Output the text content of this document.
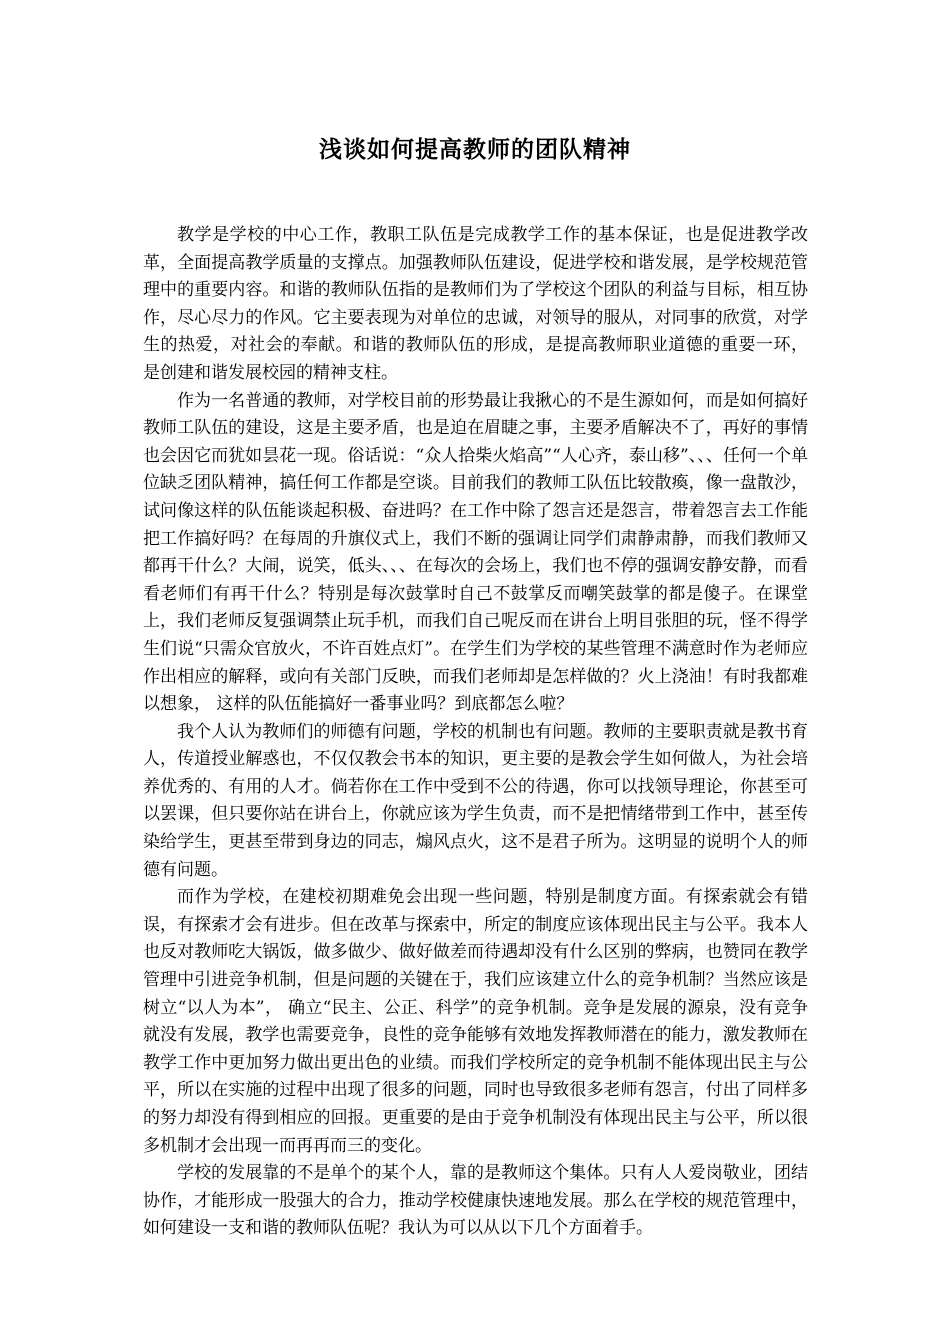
浅谈如何提高教师的团队精神

教学是学校的中心工作，教职工队伍是完成教学工作的基本保证，也是促进教学改革，全面提高教学质量的支撑点。加强教师队伍建设，促进学校和谐发展，是学校规范管理中的重要内容。和谐的教师队伍指的是教师们为了学校这个团队的利益与目标，相互协作，尽心尽力的作风。它主要表现为对单位的忠诚，对领导的服从，对同事的欣赏，对学生的热爱，对社会的奉献。和谐的教师队伍的形成，是提高教师职业道德的重要一环， 是创建和谐发展校园的精神支柱。

作为一名普通的教师，对学校目前的形势最让我揪心的不是生源如何，而是如何搞好教师工队伍的建设，这是主要矛盾，也是迫在眉睫之事，主要矛盾解决不了，再好的事情也会因它而犹如昙花一现。俗话说：“众人拾柴火焰高”“人心齐，泰山移”、、、任何一个单位缺乏团队精神，搞任何工作都是空谈。目前我们的教师工队伍比较散瘓，像一盘散沙，试问像这样的队伍能谈起积极、奋进吗？在工作中除了怨言还是怨言，带着怨言去工作能把工作搞好吗？在每周的升旗仪式上，我们不断的强调让同学们肃静肃静，而我们教师又都再干什么？大闹，说笑，低头、、、在每次的会场上，我们也不停的强调安静安静，而看看老师们有再干什么？特别是每次鼓掌时自己不鼓掌反而嘲笑鼓掌的都是傻子。在课堂上，我们老师反复强调禁止玩手机，而我们自己呢反而在讲台上明目张胆的玩，怪不得学生们说“只需众官放火，不许百姓点灯”。在学生们为学校的某些管理不满意时作为老师应作出相应的解释，或向有关部门反映，而我们老师却是怎样做的？火上浇油！有时我都难以想象， 这样的队伍能搞好一番事业吗？到底都怎么啦？

我个人认为教师们的师德有问题，学校的机制也有问题。教师的主要职责就是教书育人，传道授业解惑也，不仅仅教会书本的知识，更主要的是教会学生如何做人，为社会培养优秀的、有用的人才。倘若你在工作中受到不公的待遇，你可以找领导理论，你甚至可以罢课，但只要你站在讲台上，你就应该为学生负责，而不是把情绪带到工作中，甚至传染给学生，更甚至带到身边的同志，煽风点火，这不是君子所为。这明显的说明个人的师德有问题。

而作为学校，在建校初期难免会出现一些问题，特别是制度方面。有探索就会有错误，有探索才会有进步。但在改革与探索中，所定的制度应该体现出民主与公平。我本人也反对教师吃大锅饭，做多做少、做好做差而待遇却没有什么区别的弊病，也赞同在教学管理中引进竞争机制，但是问题的关键在于，我们应该建立什么的竞争机制？当然应该是树立“以人为本”， 确立“民主、公正、科学”的竞争机制。竞争是发展的源泉，没有竞争就没有发展，教学也需要竞争，良性的竞争能够有效地发挥教师潜在的能力，激发教师在教学工作中更加努力做出更出色的业绩。而我们学校所定的竞争机制不能体现出民主与公平，所以在实施的过程中出现了很多的问题，同时也导致很多老师有怨言，付出了同样多的努力却没有得到相应的回报。更重要的是由于竞争机制没有体现出民主与公平，所以很多机制才会出现一而再再而三的变化。

学校的发展靠的不是单个的某个人，靠的是教师这个集体。只有人人爱岗敬业，团结协作，才能形成一股强大的合力，推动学校健康快速地发展。那么在学校的规范管理中，如何建设一支和谐的教师队伍呢？我认为可以从以下几个方面着手。
